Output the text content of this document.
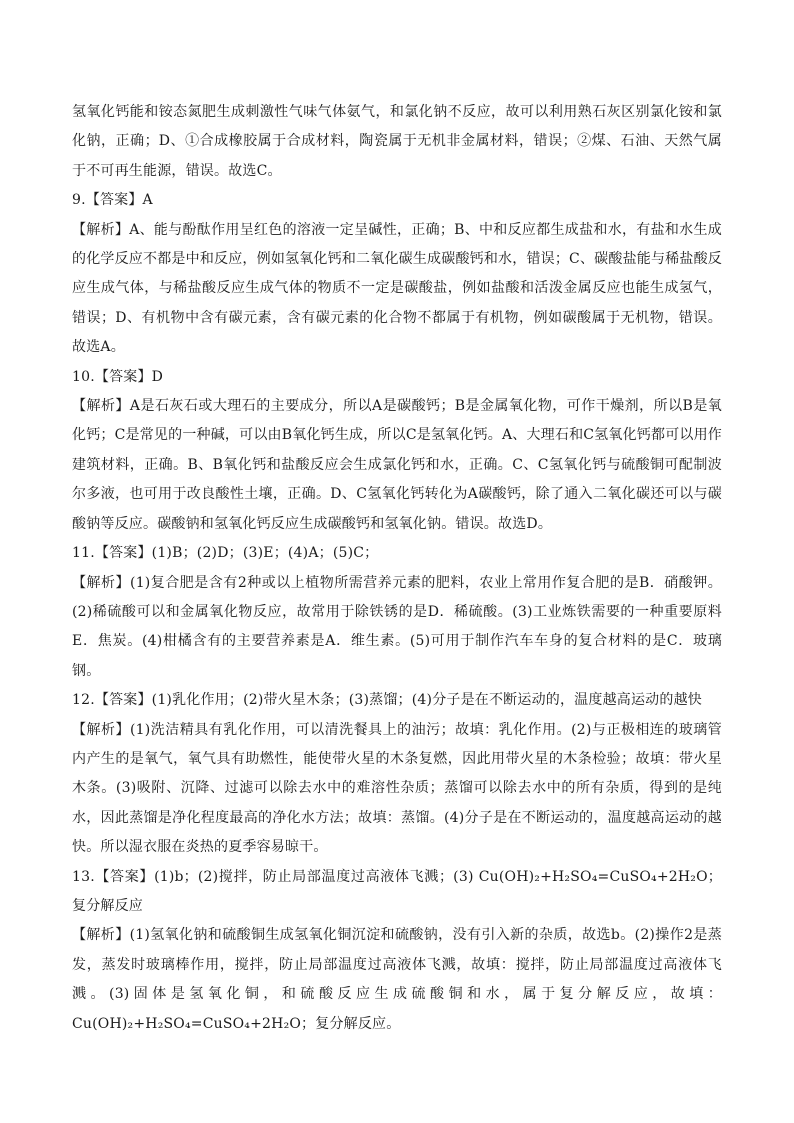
氢氧化钙能和铵态氮肥生成刺激性气味气体氨气，和氯化钠不反应，故可以利用熟石灰区别氯化铵和氯化钠，正确；D、①合成橡胶属于合成材料，陶瓷属于无机非金属材料，错误；②煤、石油、天然气属于不可再生能源，错误。故选C。

9.【答案】A

【解析】A、能与酚酞作用呈红色的溶液一定呈碱性，正确；B、中和反应都生成盐和水，有盐和水生成的化学反应不都是中和反应，例如氢氧化钙和二氧化碳生成碳酸钙和水，错误；C、碳酸盐能与稀盐酸反应生成气体，与稀盐酸反应生成气体的物质不一定是碳酸盐，例如盐酸和活泼金属反应也能生成氢气，错误；D、有机物中含有碳元素，含有碳元素的化合物不都属于有机物，例如碳酸属于无机物，错误。故选A。

10.【答案】D

【解析】A是石灰石或大理石的主要成分，所以A是碳酸钙；B是金属氧化物，可作干燥剂，所以B是氧化钙；C是常见的一种碱，可以由B氧化钙生成，所以C是氢氧化钙。A、大理石和C氢氧化钙都可以用作建筑材料，正确。B、B氧化钙和盐酸反应会生成氯化钙和水，正确。C、C氢氧化钙与硫酸铜可配制波尔多液，也可用于改良酸性土壤，正确。D、C氢氧化钙转化为A碳酸钙，除了通入二氧化碳还可以与碳酸钠等反应。碳酸钠和氢氧化钙反应生成碳酸钙和氢氧化钠。错误。故选D。

11.【答案】(1)B；(2)D；(3)E；(4)A；(5)C；

【解析】(1)复合肥是含有2种或以上植物所需营养元素的肥料，农业上常用作复合肥的是B．硝酸钾。(2)稀硫酸可以和金属氧化物反应，故常用于除铁锈的是D．稀硫酸。(3)工业炼铁需要的一种重要原料E．焦炭。(4)柑橘含有的主要营养素是A．维生素。(5)可用于制作汽车车身的复合材料的是C．玻璃钢。

12.【答案】(1)乳化作用；(2)带火星木条；(3)蒸馏；(4)分子是在不断运动的，温度越高运动的越快

【解析】(1)洗洁精具有乳化作用，可以清洗餐具上的油污；故填：乳化作用。(2)与正极相连的玻璃管内产生的是氧气，氧气具有助燃性，能使带火星的木条复燃，因此用带火星的木条检验；故填：带火星木条。(3)吸附、沉降、过滤可以除去水中的难溶性杂质；蒸馏可以除去水中的所有杂质，得到的是纯水，因此蒸馏是净化程度最高的净化水方法；故填：蒸馏。(4)分子是在不断运动的，温度越高运动的越快。所以湿衣服在炎热的夏季容易晾干。

13.【答案】(1)b；(2)搅拌，防止局部温度过高液体飞溅；(3) Cu(OH)₂+H₂SO₄=CuSO₄+2H₂O；复分解反应

【解析】(1)氢氧化钠和硫酸铜生成氢氧化铜沉淀和硫酸钠，没有引入新的杂质，故选b。(2)操作2是蒸发，蒸发时玻璃棒作用，搅拌，防止局部温度过高液体飞溅，故填：搅拌，防止局部温度过高液体飞溅。(3)固体是氢氧化铜，和硫酸反应生成硫酸铜和水，属于复分解反应，故填：Cu(OH)₂+H₂SO₄=CuSO₄+2H₂O；复分解反应。
